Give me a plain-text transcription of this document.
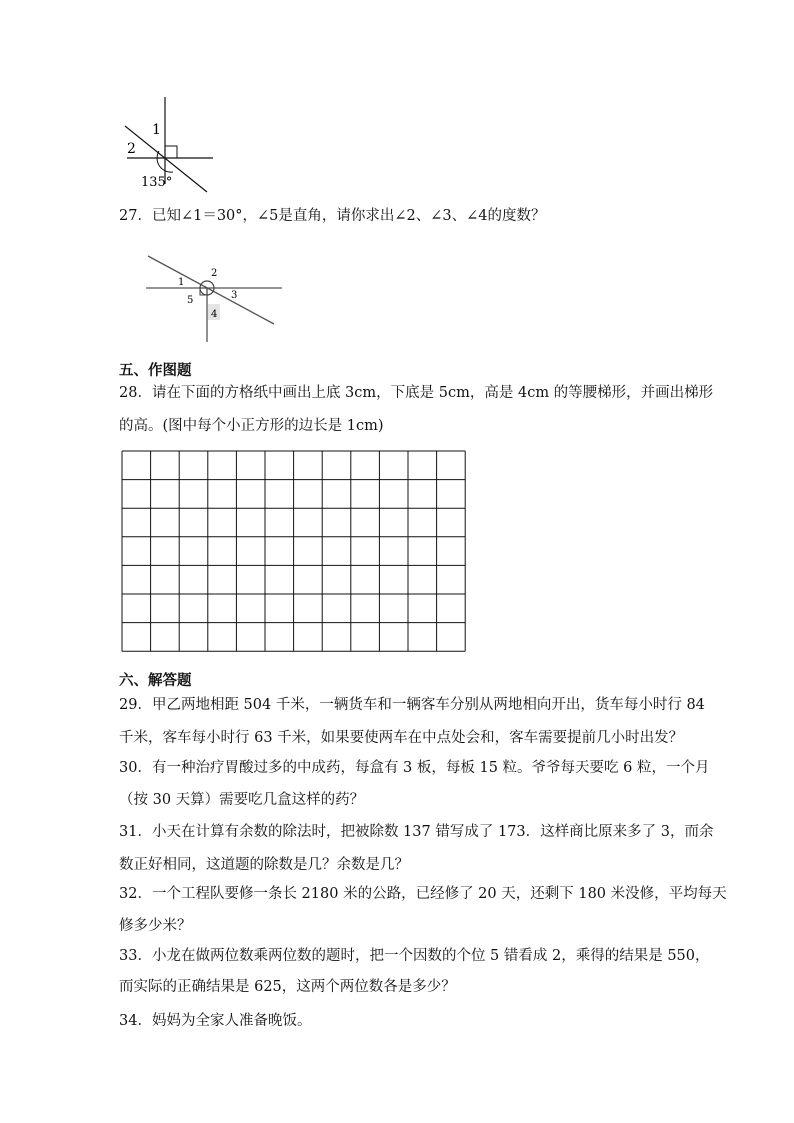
1
2
135°
27．已知∠1＝30°，∠5是直角，请你求出∠2、∠3、∠4的度数？
1
2
3
4
5
五、作图题
28．请在下面的方格纸中画出上底 3cm，下底是 5cm，高是 4cm 的等腰梯形，并画出梯形
的高。(图中每个小正方形的边长是 1cm)
六、解答题
29．甲乙两地相距 504 千米，一辆货车和一辆客车分别从两地相向开出，货车每小时行 84
千米，客车每小时行 63 千米，如果要使两车在中点处会和，客车需要提前几小时出发？
30．有一种治疗胃酸过多的中成药，每盒有 3 板，每板 15 粒。爷爷每天要吃 6 粒，一个月
（按 30 天算）需要吃几盒这样的药？
31．小天在计算有余数的除法时，把被除数 137 错写成了 173．这样商比原来多了 3，而余
数正好相同，这道题的除数是几？余数是几？
32．一个工程队要修一条长 2180 米的公路，已经修了 20 天，还剩下 180 米没修，平均每天
修多少米？
33．小龙在做两位数乘两位数的题时，把一个因数的个位 5 错看成 2，乘得的结果是 550，
而实际的正确结果是 625，这两个两位数各是多少？
34．妈妈为全家人准备晚饭。
